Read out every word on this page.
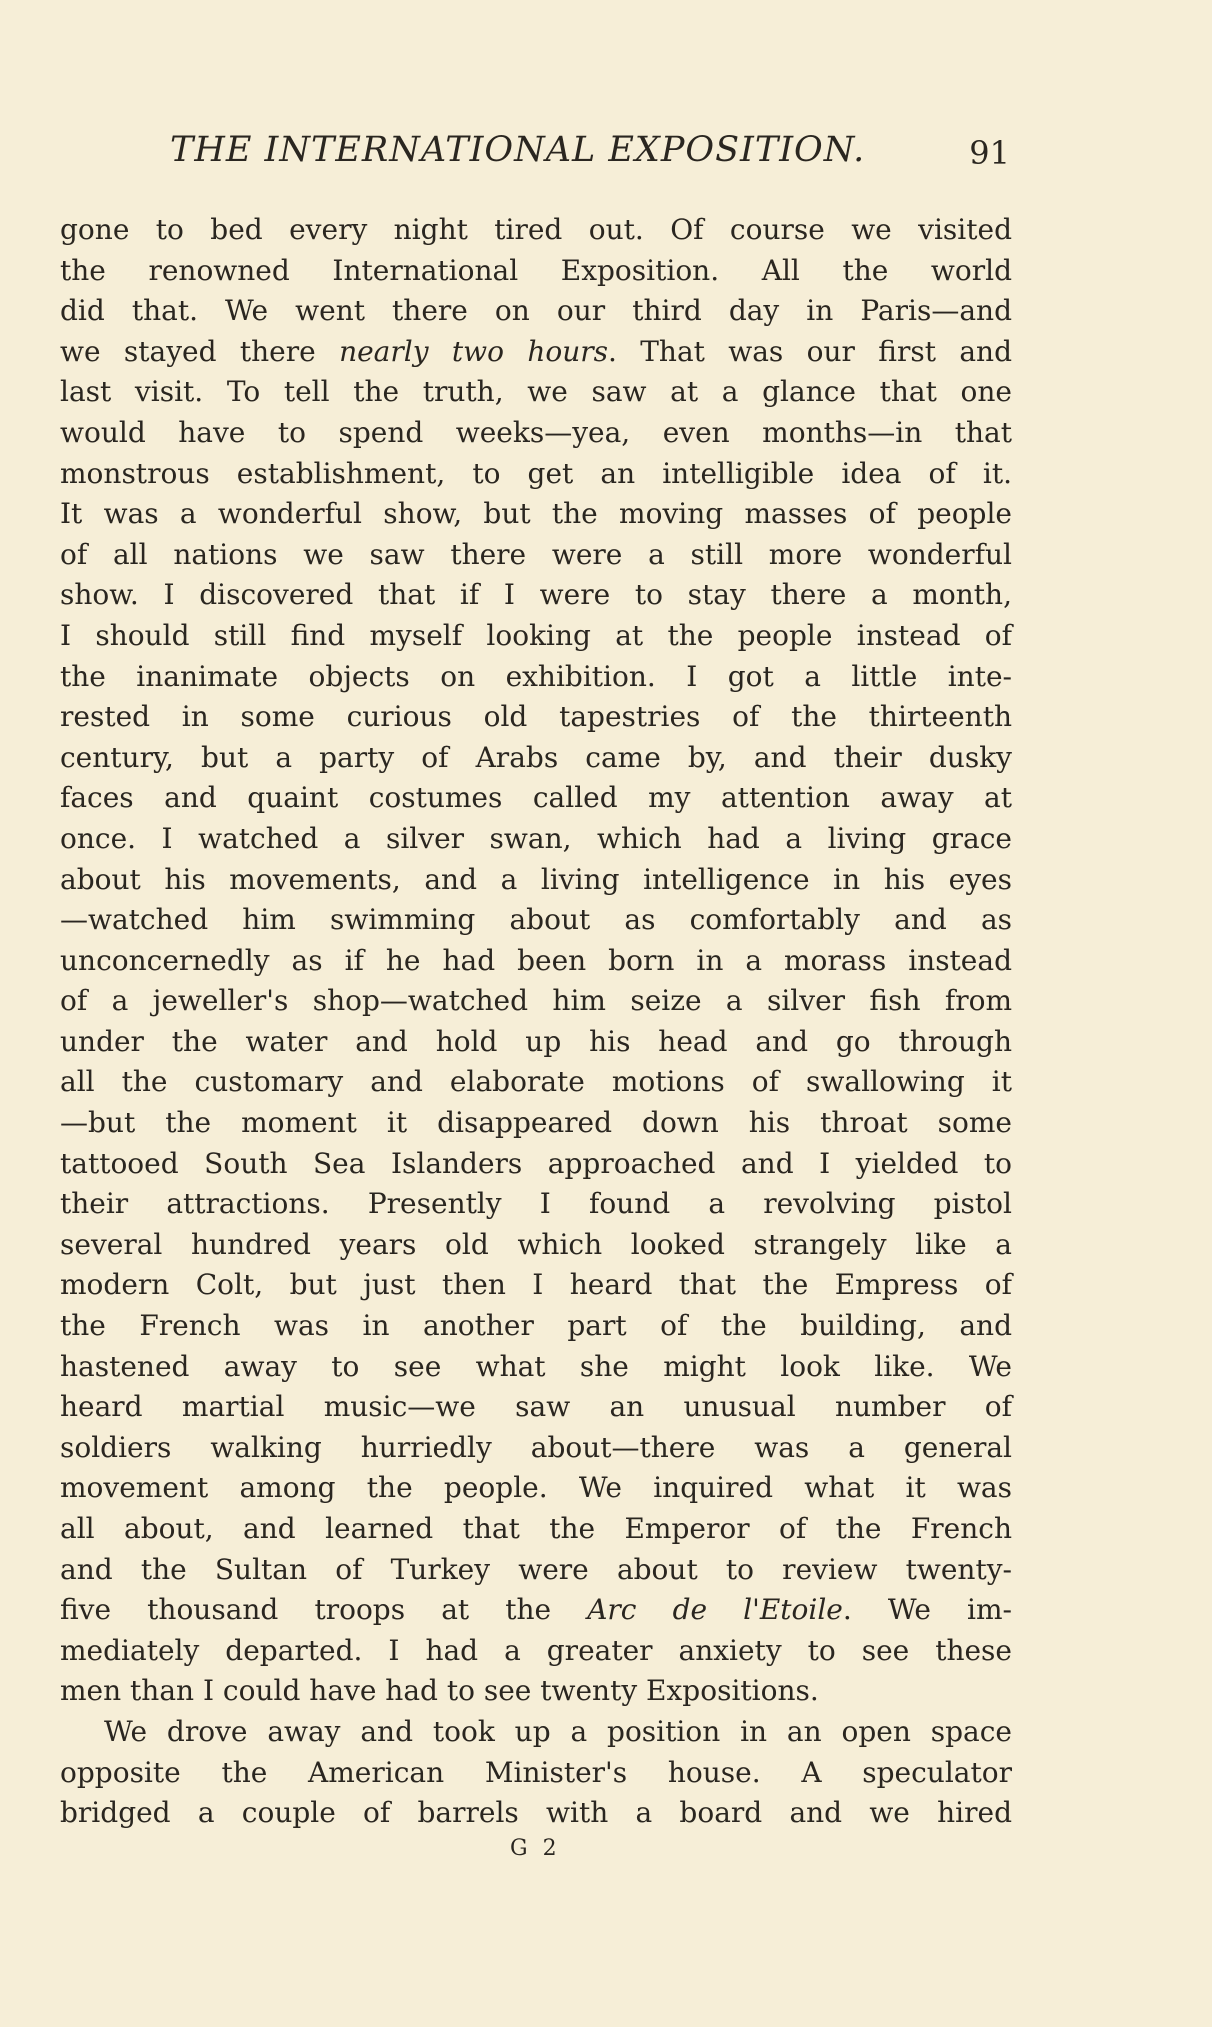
THE INTERNATIONAL EXPOSITION.	91
gone to bed every night tired out. Of course we visited
the renowned International Exposition. All the world
did that. We went there on our third day in Paris—and
we stayed there nearly two hours. That was our first and
last visit. To tell the truth, we saw at a glance that one
would have to spend weeks—yea, even months—in that
monstrous establishment, to get an intelligible idea of it.
It was a wonderful show, but the moving masses of people
of all nations we saw there were a still more wonderful
show. I discovered that if I were to stay there a month,
I should still find myself looking at the people instead of
the inanimate objects on exhibition. I got a little inte-
rested in some curious old tapestries of the thirteenth
century, but a party of Arabs came by, and their dusky
faces and quaint costumes called my attention away at
once. I watched a silver swan, which had a living grace
about his movements, and a living intelligence in his eyes
—watched him swimming about as comfortably and as
unconcernedly as if he had been born in a morass instead
of a jeweller's shop—watched him seize a silver fish from
under the water and hold up his head and go through
all the customary and elaborate motions of swallowing it
—but the moment it disappeared down his throat some
tattooed South Sea Islanders approached and I yielded to
their attractions. Presently I found a revolving pistol
several hundred years old which looked strangely like a
modern Colt, but just then I heard that the Empress of
the French was in another part of the building, and
hastened away to see what she might look like. We
heard martial music—we saw an unusual number of
soldiers walking hurriedly about—there was a general
movement among the people. We inquired what it was
all about, and learned that the Emperor of the French
and the Sultan of Turkey were about to review twenty-
five thousand troops at the Arc de l'Etoile. We im-
mediately departed. I had a greater anxiety to see these
men than I could have had to see twenty Expositions.
We drove away and took up a position in an open space
opposite the American Minister's house. A speculator
bridged a couple of barrels with a board and we hired
G 2
